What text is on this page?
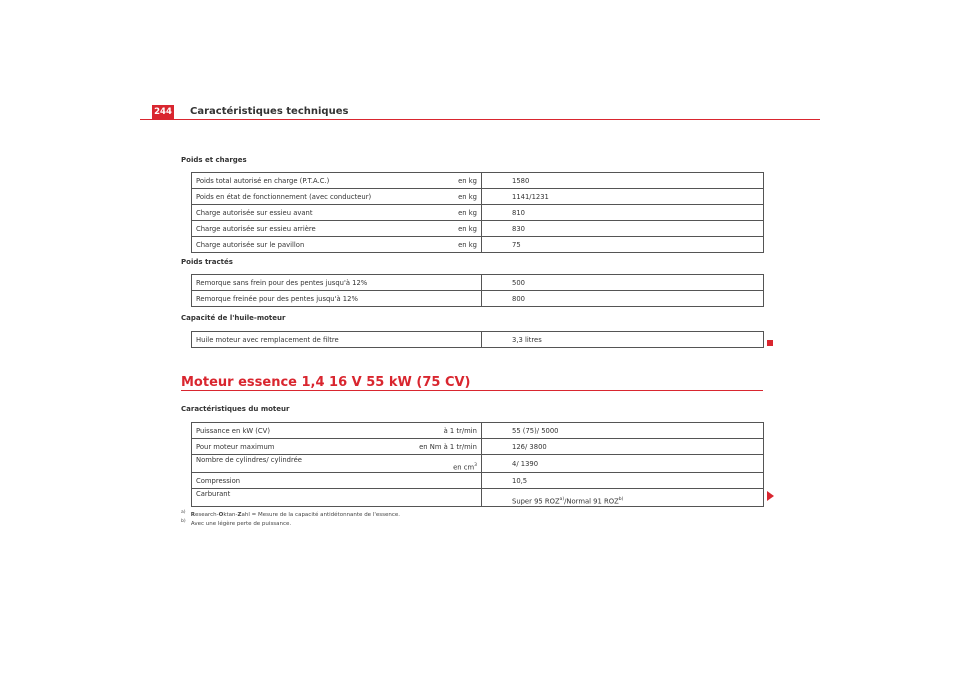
244 Caractéristiques techniques
Poids et charges
Poids total autorisé en charge (P.T.A.C.)	en kg	1580
Poids en état de fonctionnement (avec conducteur)	en kg	1141/1231
Charge autorisée sur essieu avant	en kg	810
Charge autorisée sur essieu arrière	en kg	830
Charge autorisée sur le pavillon	en kg	75
Poids tractés
Remorque sans frein pour des pentes jusqu'à 12%	500
Remorque freinée pour des pentes jusqu'à 12%	800
Capacité de l'huile-moteur
Huile moteur avec remplacement de filtre	3,3 litres
Moteur essence 1,4 16 V 55 kW (75 CV)
Caractéristiques du moteur
Puissance en kW (CV)	à 1 tr/min	55 (75)/ 5000
Pour moteur maximum	en Nm à 1 tr/min	126/ 3800
Nombre de cylindres/ cylindrée	en $cm^3$	4/ 1390
Compression		10,5
Carburant		Super 95 ROZ$^{a)}$/Normal 91 ROZ$^{b)}$
$^{a)}$ Research-Oktan-Zahl = Mesure de la capacité antidétonnante de l'essence.
$^{b)}$ Avec une légère perte de puissance.
